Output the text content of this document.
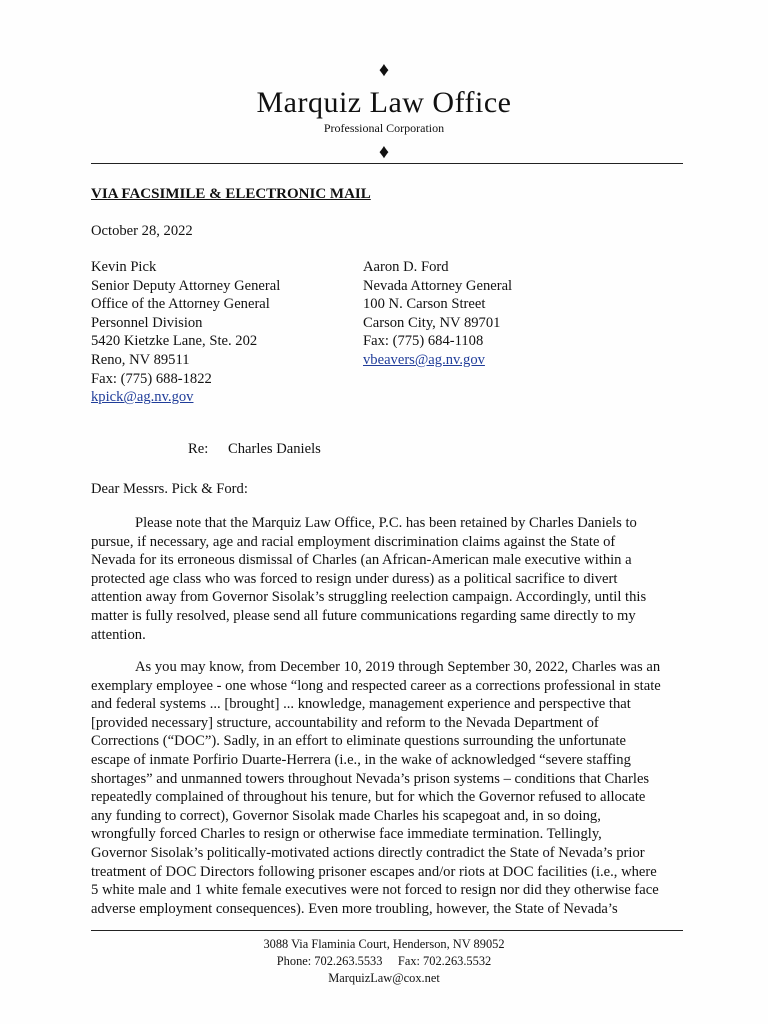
♦
Marquiz Law Office
Professional Corporation
♦
VIA FACSIMILE & ELECTRONIC MAIL
October 28, 2022
Kevin Pick
Senior Deputy Attorney General
Office of the Attorney General
Personnel Division
5420 Kietzke Lane, Ste. 202
Reno, NV 89511
Fax: (775) 688-1822
kpick@ag.nv.gov
Aaron D. Ford
Nevada Attorney General
100 N. Carson Street
Carson City, NV 89701
Fax: (775) 684-1108
vbeavers@ag.nv.gov
Re: Charles Daniels
Dear Messrs. Pick & Ford:
Please note that the Marquiz Law Office, P.C. has been retained by Charles Daniels to
pursue, if necessary, age and racial employment discrimination claims against the State of
Nevada for its erroneous dismissal of Charles (an African-American male executive within a
protected age class who was forced to resign under duress) as a political sacrifice to divert
attention away from Governor Sisolak’s struggling reelection campaign. Accordingly, until this
matter is fully resolved, please send all future communications regarding same directly to my
attention.
As you may know, from December 10, 2019 through September 30, 2022, Charles was an
exemplary employee - one whose “long and respected career as a corrections professional in state
and federal systems ... [brought] ... knowledge, management experience and perspective that
[provided necessary] structure, accountability and reform to the Nevada Department of
Corrections (“DOC”). Sadly, in an effort to eliminate questions surrounding the unfortunate
escape of inmate Porfirio Duarte-Herrera (i.e., in the wake of acknowledged “severe staffing
shortages” and unmanned towers throughout Nevada’s prison systems – conditions that Charles
repeatedly complained of throughout his tenure, but for which the Governor refused to allocate
any funding to correct), Governor Sisolak made Charles his scapegoat and, in so doing,
wrongfully forced Charles to resign or otherwise face immediate termination. Tellingly,
Governor Sisolak’s politically-motivated actions directly contradict the State of Nevada’s prior
treatment of DOC Directors following prisoner escapes and/or riots at DOC facilities (i.e., where
5 white male and 1 white female executives were not forced to resign nor did they otherwise face
adverse employment consequences). Even more troubling, however, the State of Nevada’s
3088 Via Flaminia Court, Henderson, NV 89052
Phone: 702.263.5533     Fax: 702.263.5532
MarquizLaw@cox.net
